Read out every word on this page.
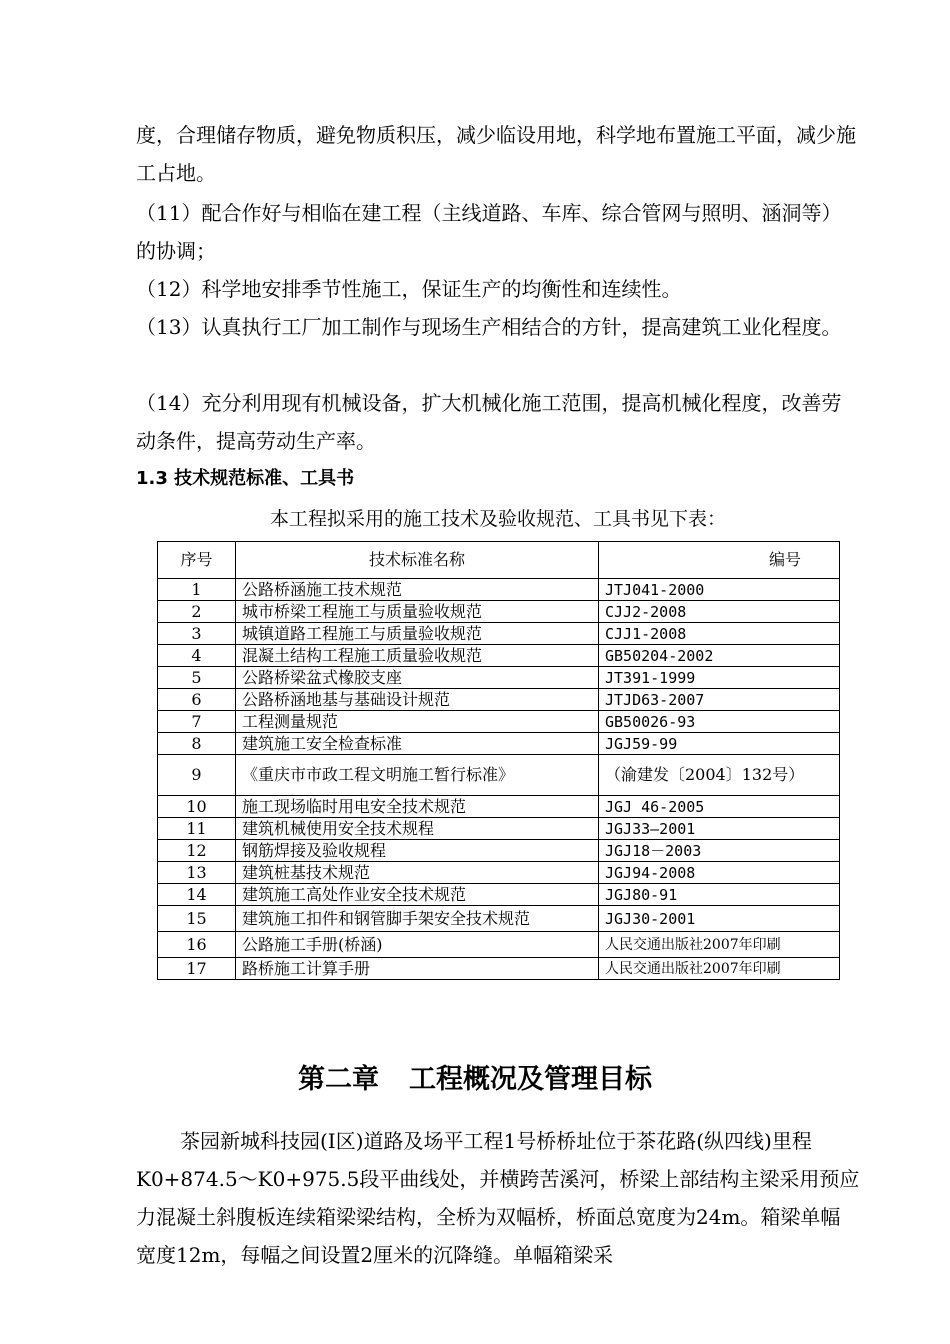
度，合理储存物质，避免物质积压，减少临设用地，科学地布置施工平面，减少施工占地。

（11）配合作好与相临在建工程（主线道路、车库、综合管网与照明、涵洞等）的协调；

（12）科学地安排季节性施工，保证生产的均衡性和连续性。

（13）认真执行工厂加工制作与现场生产相结合的方针，提高建筑工业化程度。

（14）充分利用现有机械设备，扩大机械化施工范围，提高机械化程度，改善劳动条件，提高劳动生产率。

1.3 技术规范标准、工具书

本工程拟采用的施工技术及验收规范、工具书见下表：

序号	技术标准名称	编号
1	公路桥涵施工技术规范	JTJ041-2000
2	城市桥梁工程施工与质量验收规范	CJJ2-2008
3	城镇道路工程施工与质量验收规范	CJJ1-2008
4	混凝土结构工程施工质量验收规范	GB50204-2002
5	公路桥梁盆式橡胶支座	JT391-1999
6	公路桥涵地基与基础设计规范	JTJD63-2007
7	工程测量规范	GB50026-93
8	建筑施工安全检查标准	JGJ59-99
9	《重庆市市政工程文明施工暂行标准》	（渝建发〔2004〕132号）
10	施工现场临时用电安全技术规范	JGJ 46-2005
11	建筑机械使用安全技术规程	JGJ33—2001
12	钢筋焊接及验收规程	JGJ18－2003
13	建筑桩基技术规范	JGJ94-2008
14	建筑施工高处作业安全技术规范	JGJ80-91
15	建筑施工扣件和钢管脚手架安全技术规范	JGJ30-2001
16	公路施工手册(桥涵)	人民交通出版社2007年印刷
17	路桥施工计算手册	人民交通出版社2007年印刷
第二章 工程概况及管理目标

茶园新城科技园(I区)道路及场平工程1号桥桥址位于茶花路(纵四线)里程 K0+874.5～K0+975.5段平曲线处，并横跨苦溪河，桥梁上部结构主梁采用预应力混凝土斜腹板连续箱梁梁结构，全桥为双幅桥，桥面总宽度为24m。箱梁单幅宽度12m，每幅之间设置2厘米的沉降缝。单幅箱梁采
